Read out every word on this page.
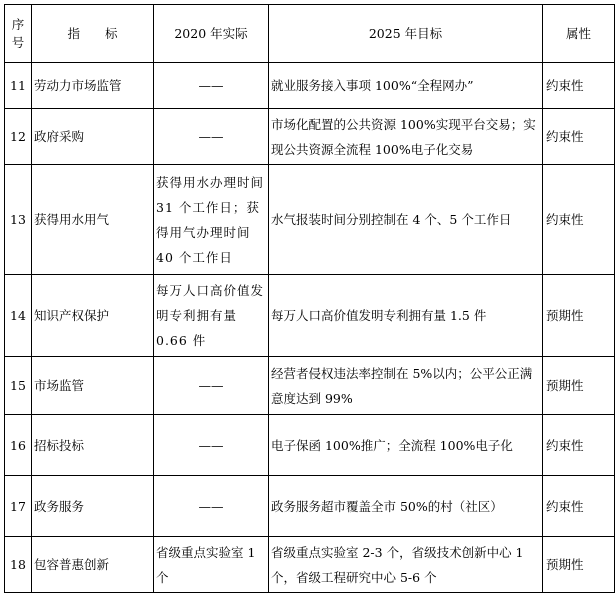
序号	指　　标	2020 年实际	2025 年目标	属性
11	劳动力市场监管	——	就业服务接入事项 100%“全程网办”	约束性
12	政府采购	——	市场化配置的公共资源 100%实现平台交易；实现公共资源全流程 100%电子化交易	约束性
13	获得用水用气	获得用水办理时间 31 个工作日；获得用气办理时间 40 个工作日	水气报装时间分别控制在 4 个、5 个工作日	约束性
14	知识产权保护	每万人口高价值发明专利拥有量 0.66 件	每万人口高价值发明专利拥有量 1.5 件	预期性
15	市场监管	——	经营者侵权违法率控制在 5%以内；公平公正满意度达到 99%	预期性
16	招标投标	——	电子保函 100%推广；全流程 100%电子化	约束性
17	政务服务	——	政务服务超市覆盖全市 50%的村（社区）	约束性
18	包容普惠创新	省级重点实验室 1 个	省级重点实验室 2-3 个，省级技术创新中心 1 个，省级工程研究中心 5-6 个	预期性
